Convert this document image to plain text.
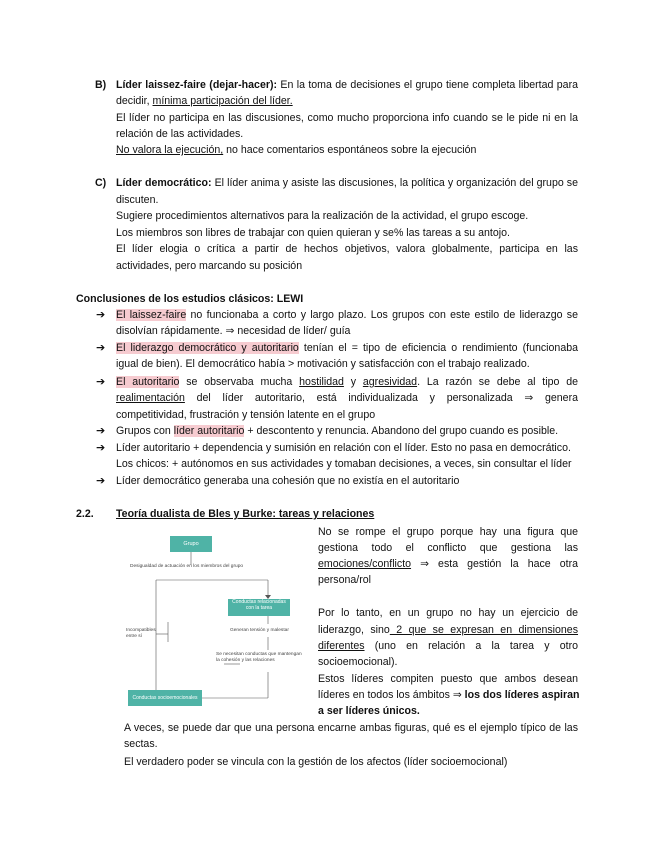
B) Líder laissez-faire (dejar-hacer): En la toma de decisiones el grupo tiene completa libertad para
decidir, mínima participación del líder.
El líder no participa en las discusiones, como mucho proporciona info cuando se le pide ni en la
relación de las actividades.
No valora la ejecución, no hace comentarios espontáneos sobre la ejecución
C) Líder democrático: El líder anima y asiste las discusiones, la política y organización del grupo se
discuten.
Sugiere procedimientos alternativos para la realización de la actividad, el grupo escoge.
Los miembros son libres de trabajar con quien quieran y se% las tareas a su antojo.
El líder elogia o crítica a partir de hechos objetivos, valora globalmente, participa en las
actividades, pero marcando su posición
Conclusiones de los estudios clásicos: LEWI
➔ El laissez-faire no funcionaba a corto y largo plazo. Los grupos con este estilo de liderazgo se
disolvían rápidamente. ⇒ necesidad de líder/ guía
➔ El liderazgo democrático y autoritario tenían el = tipo de eficiencia o rendimiento (funcionaba
igual de bien). El democrático había > motivación y satisfacción con el trabajo realizado.
➔ El autoritario se observaba mucha hostilidad y agresividad. La razón se debe al tipo de
realimentación del líder autoritario, está individualizada y personalizada ⇒ genera
competitividad, frustración y tensión latente en el grupo
➔ Grupos con líder autoritario + descontento y renuncia. Abandono del grupo cuando es posible.
➔ Líder autoritario + dependencia y sumisión en relación con el líder. Esto no pasa en democrático.
Los chicos: + autónomos en sus actividades y tomaban decisiones, a veces, sin consultar el líder
➔ Líder democrático generaba una cohesión que no existía en el autoritario
2.2. Teoría dualista de Bles y Burke: tareas y relaciones
Grupo
Desigualdad de actuación en los miembros del grupo
Conductas relacionadas con la tarea
Incompatibles entre sí
Generan tensión y malestar
Se necesitan conductas que mantengan la cohesión y las relaciones
Conductas socioemocionales
No se rompe el grupo porque hay una figura que
gestiona todo el conflicto que gestiona las
emociones/conflicto ⇒ esta gestión la hace otra
persona/rol
Por lo tanto, en un grupo no hay un ejercicio de
liderazgo, sino 2 que se expresan en dimensiones
diferentes (uno en relación a la tarea y otro
socioemocional).
Estos líderes compiten puesto que ambos desean
líderes en todos los ámbitos ⇒ los dos líderes aspiran
a ser líderes únicos.
A veces, se puede dar que una persona encarne ambas figuras, qué es el ejemplo típico de las
sectas.
El verdadero poder se vincula con la gestión de los afectos (líder socioemocional)
